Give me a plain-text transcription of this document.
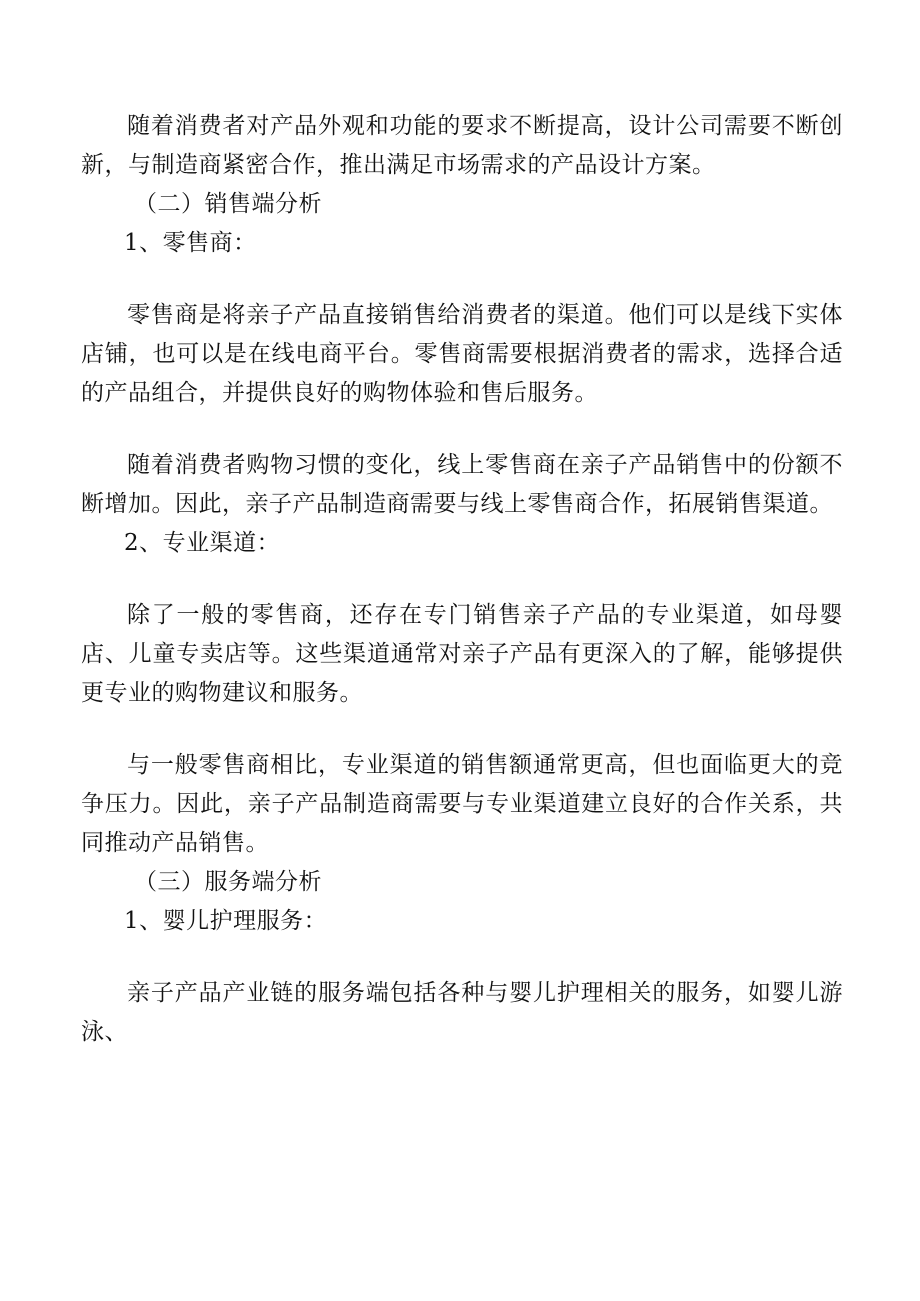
随着消费者对产品外观和功能的要求不断提高，设计公司需要不断创新，与制造商紧密合作，推出满足市场需求的产品设计方案。

（二）销售端分析

1、零售商：

零售商是将亲子产品直接销售给消费者的渠道。他们可以是线下实体店铺，也可以是在线电商平台。零售商需要根据消费者的需求，选择合适的产品组合，并提供良好的购物体验和售后服务。

随着消费者购物习惯的变化，线上零售商在亲子产品销售中的份额不断增加。因此，亲子产品制造商需要与线上零售商合作，拓展销售渠道。

2、专业渠道：

除了一般的零售商，还存在专门销售亲子产品的专业渠道，如母婴店、儿童专卖店等。这些渠道通常对亲子产品有更深入的了解，能够提供更专业的购物建议和服务。

与一般零售商相比，专业渠道的销售额通常更高，但也面临更大的竞争压力。因此，亲子产品制造商需要与专业渠道建立良好的合作关系，共同推动产品销售。

（三）服务端分析

1、婴儿护理服务：

亲子产品产业链的服务端包括各种与婴儿护理相关的服务，如婴儿游泳、
